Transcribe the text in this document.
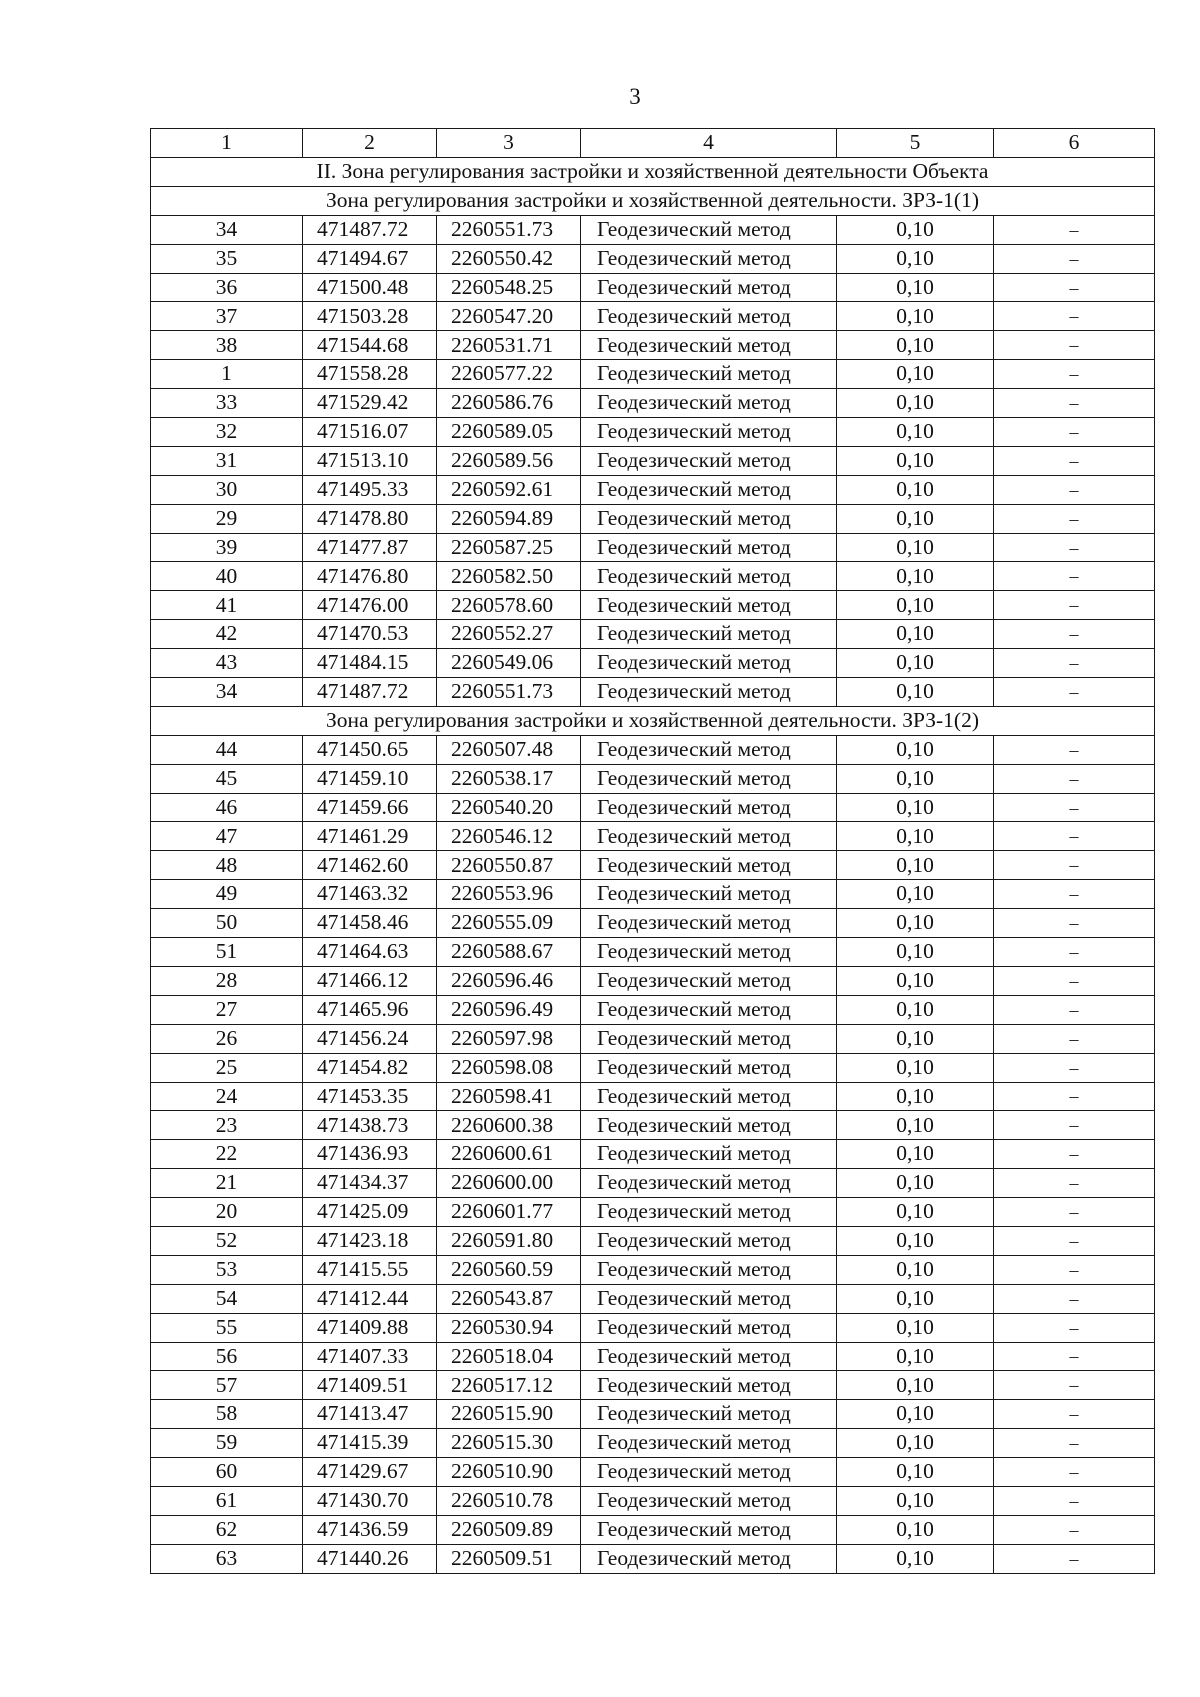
3
1	2	3	4	5	6
II. Зона регулирования застройки и хозяйственной деятельности Объекта					
Зона регулирования застройки и хозяйственной деятельности. ЗРЗ-1(1)					
34	471487.72	2260551.73	Геодезический метод	0,10	–
35	471494.67	2260550.42	Геодезический метод	0,10	–
36	471500.48	2260548.25	Геодезический метод	0,10	–
37	471503.28	2260547.20	Геодезический метод	0,10	–
38	471544.68	2260531.71	Геодезический метод	0,10	–
1	471558.28	2260577.22	Геодезический метод	0,10	–
33	471529.42	2260586.76	Геодезический метод	0,10	–
32	471516.07	2260589.05	Геодезический метод	0,10	–
31	471513.10	2260589.56	Геодезический метод	0,10	–
30	471495.33	2260592.61	Геодезический метод	0,10	–
29	471478.80	2260594.89	Геодезический метод	0,10	–
39	471477.87	2260587.25	Геодезический метод	0,10	–
40	471476.80	2260582.50	Геодезический метод	0,10	–
41	471476.00	2260578.60	Геодезический метод	0,10	–
42	471470.53	2260552.27	Геодезический метод	0,10	–
43	471484.15	2260549.06	Геодезический метод	0,10	–
34	471487.72	2260551.73	Геодезический метод	0,10	–
Зона регулирования застройки и хозяйственной деятельности. ЗРЗ-1(2)					
44	471450.65	2260507.48	Геодезический метод	0,10	–
45	471459.10	2260538.17	Геодезический метод	0,10	–
46	471459.66	2260540.20	Геодезический метод	0,10	–
47	471461.29	2260546.12	Геодезический метод	0,10	–
48	471462.60	2260550.87	Геодезический метод	0,10	–
49	471463.32	2260553.96	Геодезический метод	0,10	–
50	471458.46	2260555.09	Геодезический метод	0,10	–
51	471464.63	2260588.67	Геодезический метод	0,10	–
28	471466.12	2260596.46	Геодезический метод	0,10	–
27	471465.96	2260596.49	Геодезический метод	0,10	–
26	471456.24	2260597.98	Геодезический метод	0,10	–
25	471454.82	2260598.08	Геодезический метод	0,10	–
24	471453.35	2260598.41	Геодезический метод	0,10	–
23	471438.73	2260600.38	Геодезический метод	0,10	–
22	471436.93	2260600.61	Геодезический метод	0,10	–
21	471434.37	2260600.00	Геодезический метод	0,10	–
20	471425.09	2260601.77	Геодезический метод	0,10	–
52	471423.18	2260591.80	Геодезический метод	0,10	–
53	471415.55	2260560.59	Геодезический метод	0,10	–
54	471412.44	2260543.87	Геодезический метод	0,10	–
55	471409.88	2260530.94	Геодезический метод	0,10	–
56	471407.33	2260518.04	Геодезический метод	0,10	–
57	471409.51	2260517.12	Геодезический метод	0,10	–
58	471413.47	2260515.90	Геодезический метод	0,10	–
59	471415.39	2260515.30	Геодезический метод	0,10	–
60	471429.67	2260510.90	Геодезический метод	0,10	–
61	471430.70	2260510.78	Геодезический метод	0,10	–
62	471436.59	2260509.89	Геодезический метод	0,10	–
63	471440.26	2260509.51	Геодезический метод	0,10	–
